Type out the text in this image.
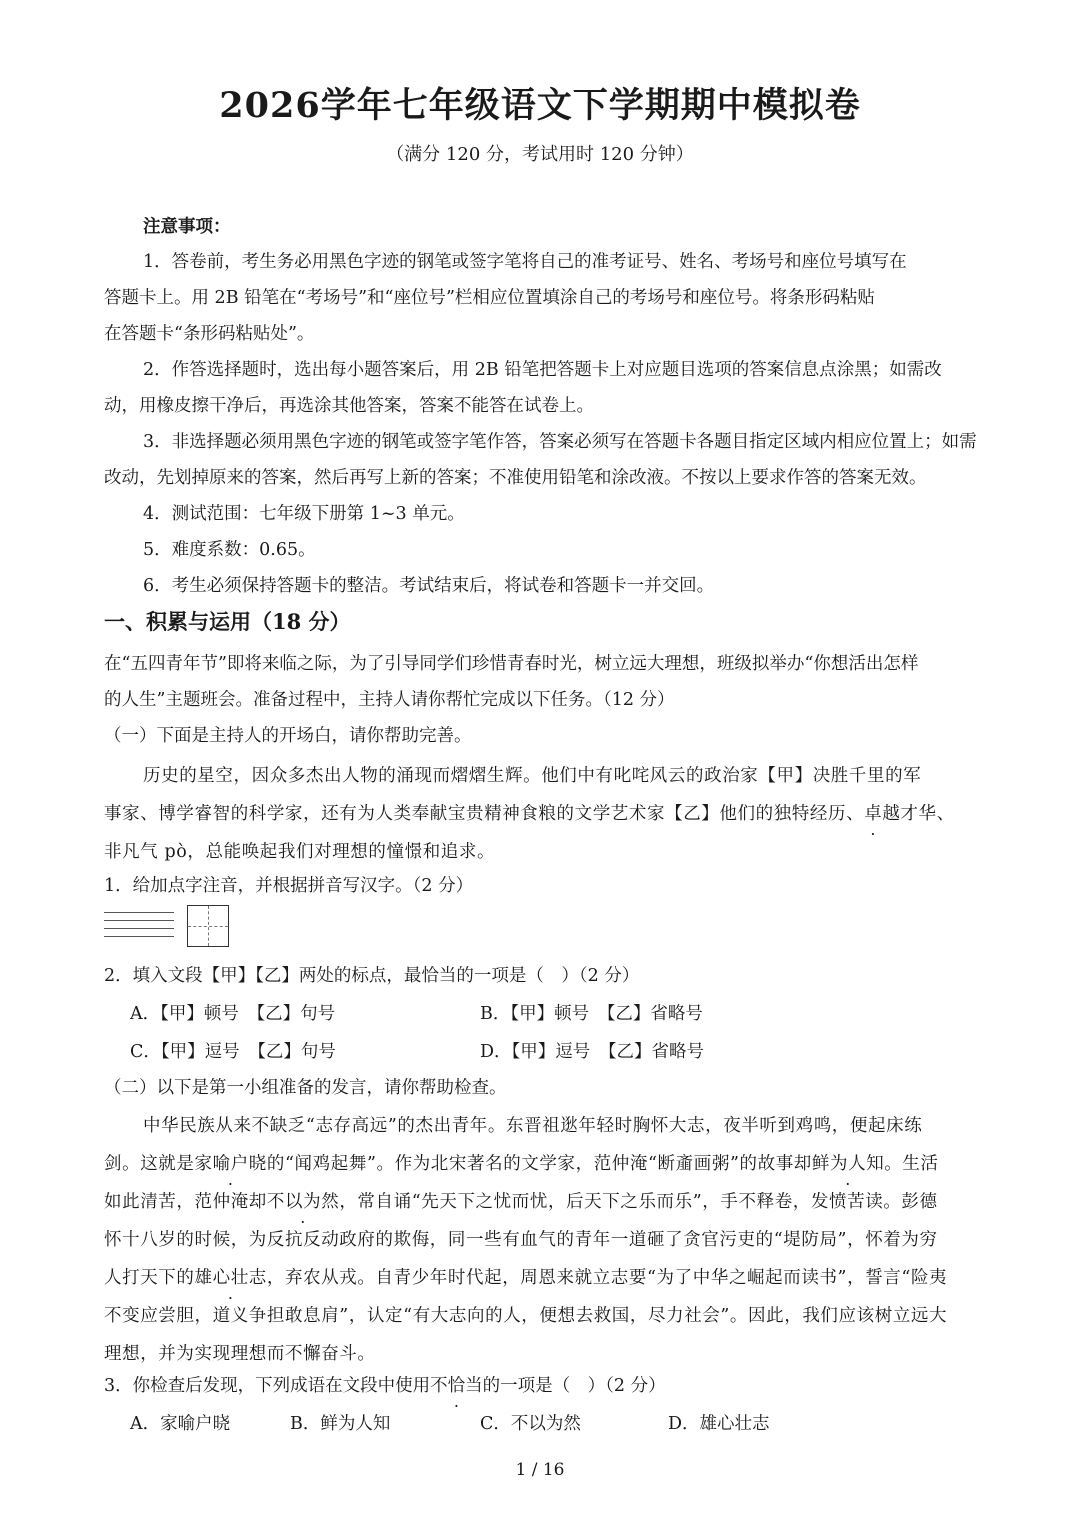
2026学年七年级语文下学期期中模拟卷
（满分 120 分，考试用时 120 分钟）
注意事项：
1．答卷前，考生务必用黑色字迹的钢笔或签字笔将自己的准考证号、姓名、考场号和座位号填写在
答题卡上。用 2B 铅笔在“考场号”和“座位号”栏相应位置填涂自己的考场号和座位号。将条形码粘贴
在答题卡“条形码粘贴处”。
2．作答选择题时，选出每小题答案后，用 2B 铅笔把答题卡上对应题目选项的答案信息点涂黑；如需改
动，用橡皮擦干净后，再选涂其他答案，答案不能答在试卷上。
3．非选择题必须用黑色字迹的钢笔或签字笔作答，答案必须写在答题卡各题目指定区域内相应位置上；如需
改动，先划掉原来的答案，然后再写上新的答案；不准使用铅笔和涂改液。不按以上要求作答的答案无效。
4．测试范围：七年级下册第 1~3 单元。
5．难度系数：0.65。
6．考生必须保持答题卡的整洁。考试结束后，将试卷和答题卡一并交回。
一、积累与运用（18 分）
在“五四青年节”即将来临之际，为了引导同学们珍惜青春时光，树立远大理想，班级拟举办“你想活出怎样
的人生”主题班会。准备过程中，主持人请你帮忙完成以下任务。（12 分）
（一）下面是主持人的开场白，请你帮助完善。
历史的星空，因众多杰出人物的涌现而熠熠生辉。他们中有叱咤风云的政治家【甲】决胜千里的军
事家、博学睿智的科学家，还有为人类奉献宝贵精神食粮的文学艺术家【乙】他们的独特经历、卓越才华、
非凡气 pò，总能唤起我们对理想的憧憬和追求。
1．给加点字注音，并根据拼音写汉字。（2 分）
2．填入文段【甲】【乙】两处的标点，最恰当的一项是（　）（2 分）
A．【甲】顿号　【乙】句号	B．【甲】顿号　【乙】省略号
C．【甲】逗号　【乙】句号	D．【甲】逗号　【乙】省略号
（二）以下是第一小组准备的发言，请你帮助检查。
中华民族从来不缺乏“志存高远”的杰出青年。东晋祖逖年轻时胸怀大志，夜半听到鸡鸣，便起床练
剑。这就是家喻户晓的“闻鸡起舞”。作为北宋著名的文学家，范仲淹“断齑画粥”的故事却鲜为人知。生活
如此清苦，范仲淹却不以为然，常自诵“先天下之忧而忧，后天下之乐而乐”，手不释卷，发愤苦读。彭德
怀十八岁的时候，为反抗反动政府的欺侮，同一些有血气的青年一道砸了贪官污吏的“堤防局”，怀着为穷
人打天下的雄心壮志，弃农从戎。自青少年时代起，周恩来就立志要“为了中华之崛起而读书”，誓言“险夷
不变应尝胆，道义争担敢息肩”，认定“有大志向的人，便想去救国，尽力社会”。因此，我们应该树立远大
理想，并为实现理想而不懈奋斗。
3．你检查后发现，下列成语在文段中使用不恰当的一项是（　）（2 分）
A．家喻户晓	B．鲜为人知	C．不以为然	D．雄心壮志
1 / 16
